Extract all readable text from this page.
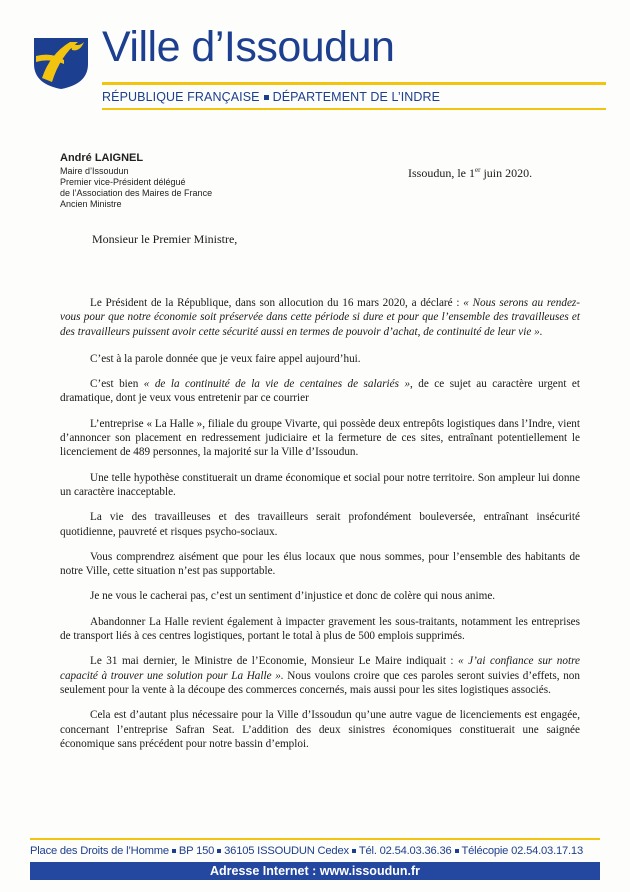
Ville d’Issoudun
RÉPUBLIQUE FRANÇAISE DÉPARTEMENT DE L’INDRE
André LAIGNEL
Maire d’Issoudun
Premier vice-Président délégué
de l’Association des Maires de France
Ancien Ministre
Issoudun, le 1er juin 2020.
Monsieur le Premier Ministre,

Le Président de la République, dans son allocution du 16 mars 2020, a déclaré : « Nous serons au rendez-vous pour que notre économie soit préservée dans cette période si dure et pour que l’ensemble des travailleuses et des travailleurs puissent avoir cette sécurité aussi en termes de pouvoir d’achat, de continuité de leur vie ».

C’est à la parole donnée que je veux faire appel aujourd’hui.

C’est bien « de la continuité de la vie de centaines de salariés », de ce sujet au caractère urgent et dramatique, dont je veux vous entretenir par ce courrier

L’entreprise « La Halle », filiale du groupe Vivarte, qui possède deux entrepôts logistiques dans l’Indre, vient d’annoncer son placement en redressement judiciaire et la fermeture de ces sites, entraînant potentiellement le licenciement de 489 personnes, la majorité sur la Ville d’Issoudun.

Une telle hypothèse constituerait un drame économique et social pour notre territoire. Son ampleur lui donne un caractère inacceptable.

La vie des travailleuses et des travailleurs serait profondément bouleversée, entraînant insécurité quotidienne, pauvreté et risques psycho-sociaux.

Vous comprendrez aisément que pour les élus locaux que nous sommes, pour l’ensemble des habitants de notre Ville, cette situation n’est pas supportable.

Je ne vous le cacherai pas, c’est un sentiment d’injustice et donc de colère qui nous anime.

Abandonner La Halle revient également à impacter gravement les sous-traitants, notamment les entreprises de transport liés à ces centres logistiques, portant le total à plus de 500 emplois supprimés.

Le 31 mai dernier, le Ministre de l’Economie, Monsieur Le Maire indiquait : « J’ai confiance sur notre capacité à trouver une solution pour La Halle ». Nous voulons croire que ces paroles seront suivies d’effets, non seulement pour la vente à la découpe des commerces concernés, mais aussi pour les sites logistiques associés.

Cela est d’autant plus nécessaire pour la Ville d’Issoudun qu’une autre vague de licenciements est engagée, concernant l’entreprise Safran Seat. L’addition des deux sinistres économiques constituerait une saignée économique sans précédent pour notre bassin d’emploi.

Place des Droits de l’Homme BP 150 36105 ISSOUDUN Cedex Tél. 02.54.03.36.36 Télécopie 02.54.03.17.13
Adresse Internet : www.issoudun.fr
